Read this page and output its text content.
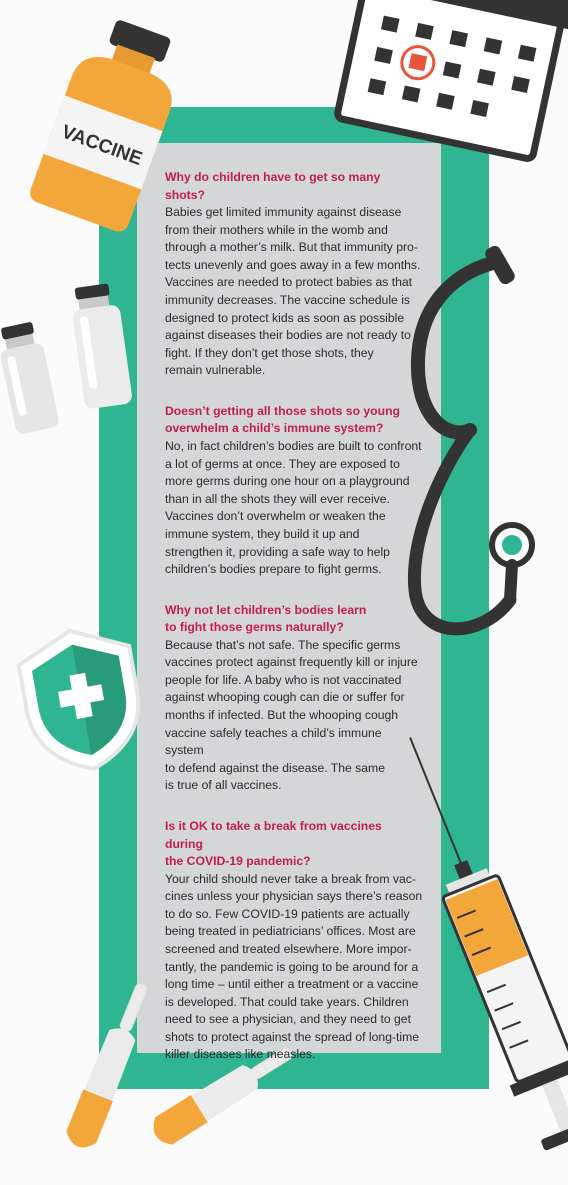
VACCINE

Why do children have to get so many shots?

Babies get limited immunity against disease
from their mothers while in the womb and
through a mother’s milk. But that immunity pro-
tects unevenly and goes away in a few months.
Vaccines are needed to protect babies as that
immunity decreases. The vaccine schedule is
designed to protect kids as soon as possible
against diseases their bodies are not ready to
fight. If they don’t get those shots, they
remain vulnerable.

Doesn’t getting all those shots so young
overwhelm a child’s immune system?

No, in fact children’s bodies are built to confront
a lot of germs at once. They are exposed to
more germs during one hour on a playground
than in all the shots they will ever receive.
Vaccines don’t overwhelm or weaken the
immune system, they build it up and
strengthen it, providing a safe way to help
children’s bodies prepare to fight germs.

Why not let children’s bodies learn
to fight those germs naturally?

Because that’s not safe. The specific germs
vaccines protect against frequently kill or injure
people for life. A baby who is not vaccinated
against whooping cough can die or suffer for
months if infected. But the whooping cough
vaccine safely teaches a child’s immune system
to defend against the disease. The same
is true of all vaccines.

Is it OK to take a break from vaccines during
the COVID-19 pandemic?

Your child should never take a break from vac-
cines unless your physician says there’s reason
to do so. Few COVID-19 patients are actually
being treated in pediatricians’ offices. Most are
screened and treated elsewhere. More impor-
tantly, the pandemic is going to be around for a
long time – until either a treatment or a vaccine
is developed. That could take years. Children
need to see a physician, and they need to get
shots to protect against the spread of long-time
killer diseases like measles.
